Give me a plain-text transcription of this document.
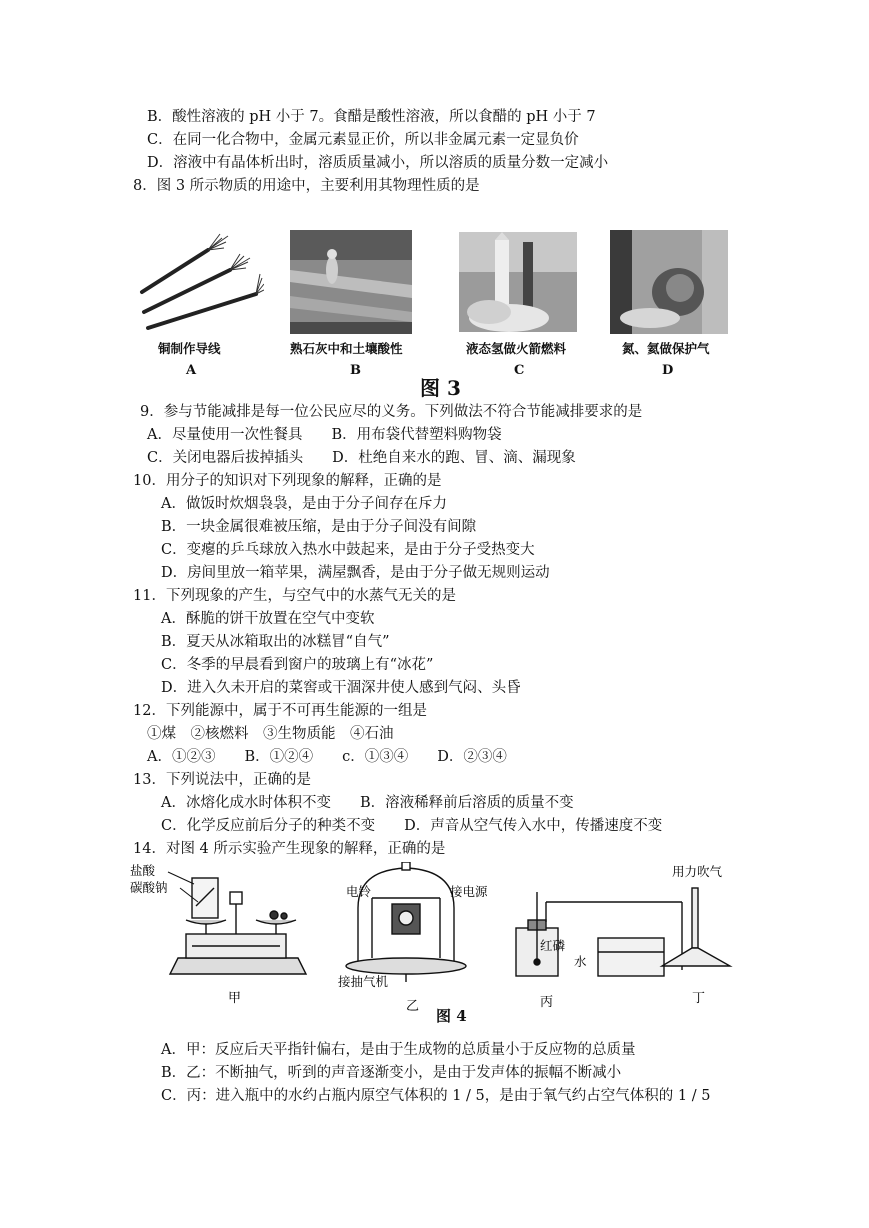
B．酸性溶液的 pH 小于 7。食醋是酸性溶液，所以食醋的 pH 小于 7
C．在同一化合物中，金属元素显正价，所以非金属元素一定显负价
D．溶液中有晶体析出时，溶质质量减小，所以溶质的质量分数一定减小
8．图 3 所示物质的用途中，主要利用其物理性质的是
铜制作导线	熟石灰中和土壤酸性	液态氢做火箭燃料	氮、氦做保护气
A	B	C	D
图 3
9．参与节能减排是每一位公民应尽的义务。下列做法不符合节能减排要求的是
A．尽量使用一次性餐具　　B．用布袋代替塑料购物袋
C．关闭电器后拔掉插头　　D．杜绝自来水的跑、冒、滴、漏现象
10．用分子的知识对下列现象的解释，正确的是
A．做饭时炊烟袅袅，是由于分子间存在斥力
B．一块金属很难被压缩，是由于分子间没有间隙
C．变瘪的乒乓球放入热水中鼓起来，是由于分子受热变大
D．房间里放一箱苹果，满屋飘香，是由于分子做无规则运动
11．下列现象的产生，与空气中的水蒸气无关的是
A．酥脆的饼干放置在空气中变软
B．夏天从冰箱取出的冰糕冒“自气”
C．冬季的早晨看到窗户的玻璃上有“冰花”
D．进入久未开启的菜窖或干涸深井使人感到气闷、头昏
12．下列能源中，属于不可再生能源的一组是
①煤　②核燃料　③生物质能　④石油
A．①②③　　B．①②④　　c．①③④　　D．②③④
13．下列说法中，正确的是
A．冰熔化成水时体积不变　　B．溶液稀释前后溶质的质量不变
C．化学反应前后分子的种类不变　　D．声音从空气传入水中，传播速度不变
14．对图 4 所示实验产生现象的解释，正确的是
盐酸
碳酸钠
甲
电铃	接电源
接抽气机
乙
红磷
水
丙
用力吹气
丁
图 4
A．甲：反应后天平指针偏右，是由于生成物的总质量小于反应物的总质量
B．乙：不断抽气，听到的声音逐渐变小，是由于发声体的振幅不断减小
C．丙：进入瓶中的水约占瓶内原空气体积的 1 / 5，是由于氧气约占空气体积的 1 / 5
